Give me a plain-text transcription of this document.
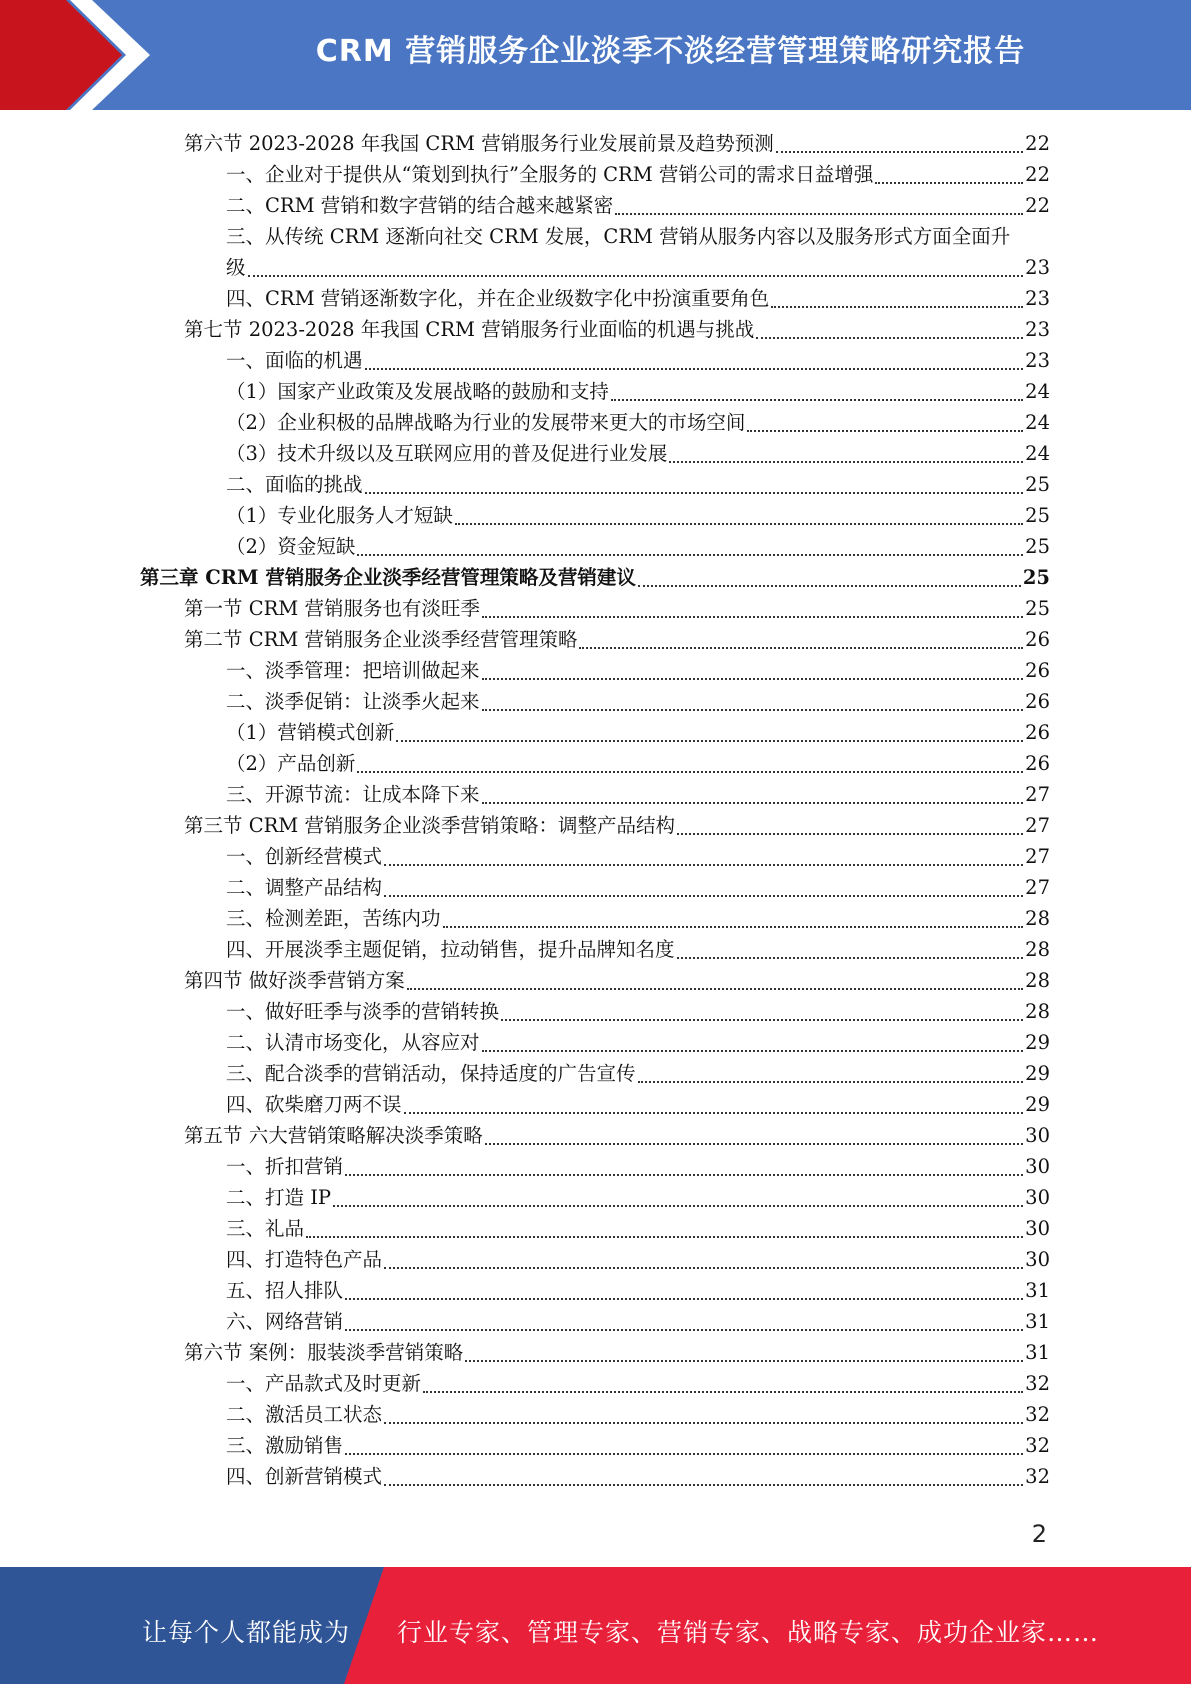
CRM 营销服务企业淡季不淡经营管理策略研究报告
第六节 2023-2028 年我国 CRM 营销服务行业发展前景及趋势预测	22
一、企业对于提供从“策划到执行”全服务的 CRM 营销公司的需求日益增强	22
二、CRM 营销和数字营销的结合越来越紧密	22
三、从传统 CRM 逐渐向社交 CRM 发展，CRM 营销从服务内容以及服务形式方面全面升
级	23
四、CRM 营销逐渐数字化，并在企业级数字化中扮演重要角色	23
第七节 2023-2028 年我国 CRM 营销服务行业面临的机遇与挑战	23
一、面临的机遇	23
（1）国家产业政策及发展战略的鼓励和支持	24
（2）企业积极的品牌战略为行业的发展带来更大的市场空间	24
（3）技术升级以及互联网应用的普及促进行业发展	24
二、面临的挑战	25
（1）专业化服务人才短缺	25
（2）资金短缺	25
第三章 CRM 营销服务企业淡季经营管理策略及营销建议	25
第一节 CRM 营销服务也有淡旺季	25
第二节 CRM 营销服务企业淡季经营管理策略	26
一、淡季管理：把培训做起来	26
二、淡季促销：让淡季火起来	26
（1）营销模式创新	26
（2）产品创新	26
三、开源节流：让成本降下来	27
第三节 CRM 营销服务企业淡季营销策略：调整产品结构	27
一、创新经营模式	27
二、调整产品结构	27
三、检测差距，苦练内功	28
四、开展淡季主题促销，拉动销售，提升品牌知名度	28
第四节 做好淡季营销方案	28
一、做好旺季与淡季的营销转换	28
二、认清市场变化，从容应对	29
三、配合淡季的营销活动，保持适度的广告宣传	29
四、砍柴磨刀两不误	29
第五节 六大营销策略解决淡季策略	30
一、折扣营销	30
二、打造 IP	30
三、礼品	30
四、打造特色产品	30
五、招人排队	31
六、网络营销	31
第六节 案例：服装淡季营销策略	31
一、产品款式及时更新	32
二、激活员工状态	32
三、激励销售	32
四、创新营销模式	32
2
让每个人都能成为 行业专家、管理专家、营销专家、战略专家、成功企业家……
